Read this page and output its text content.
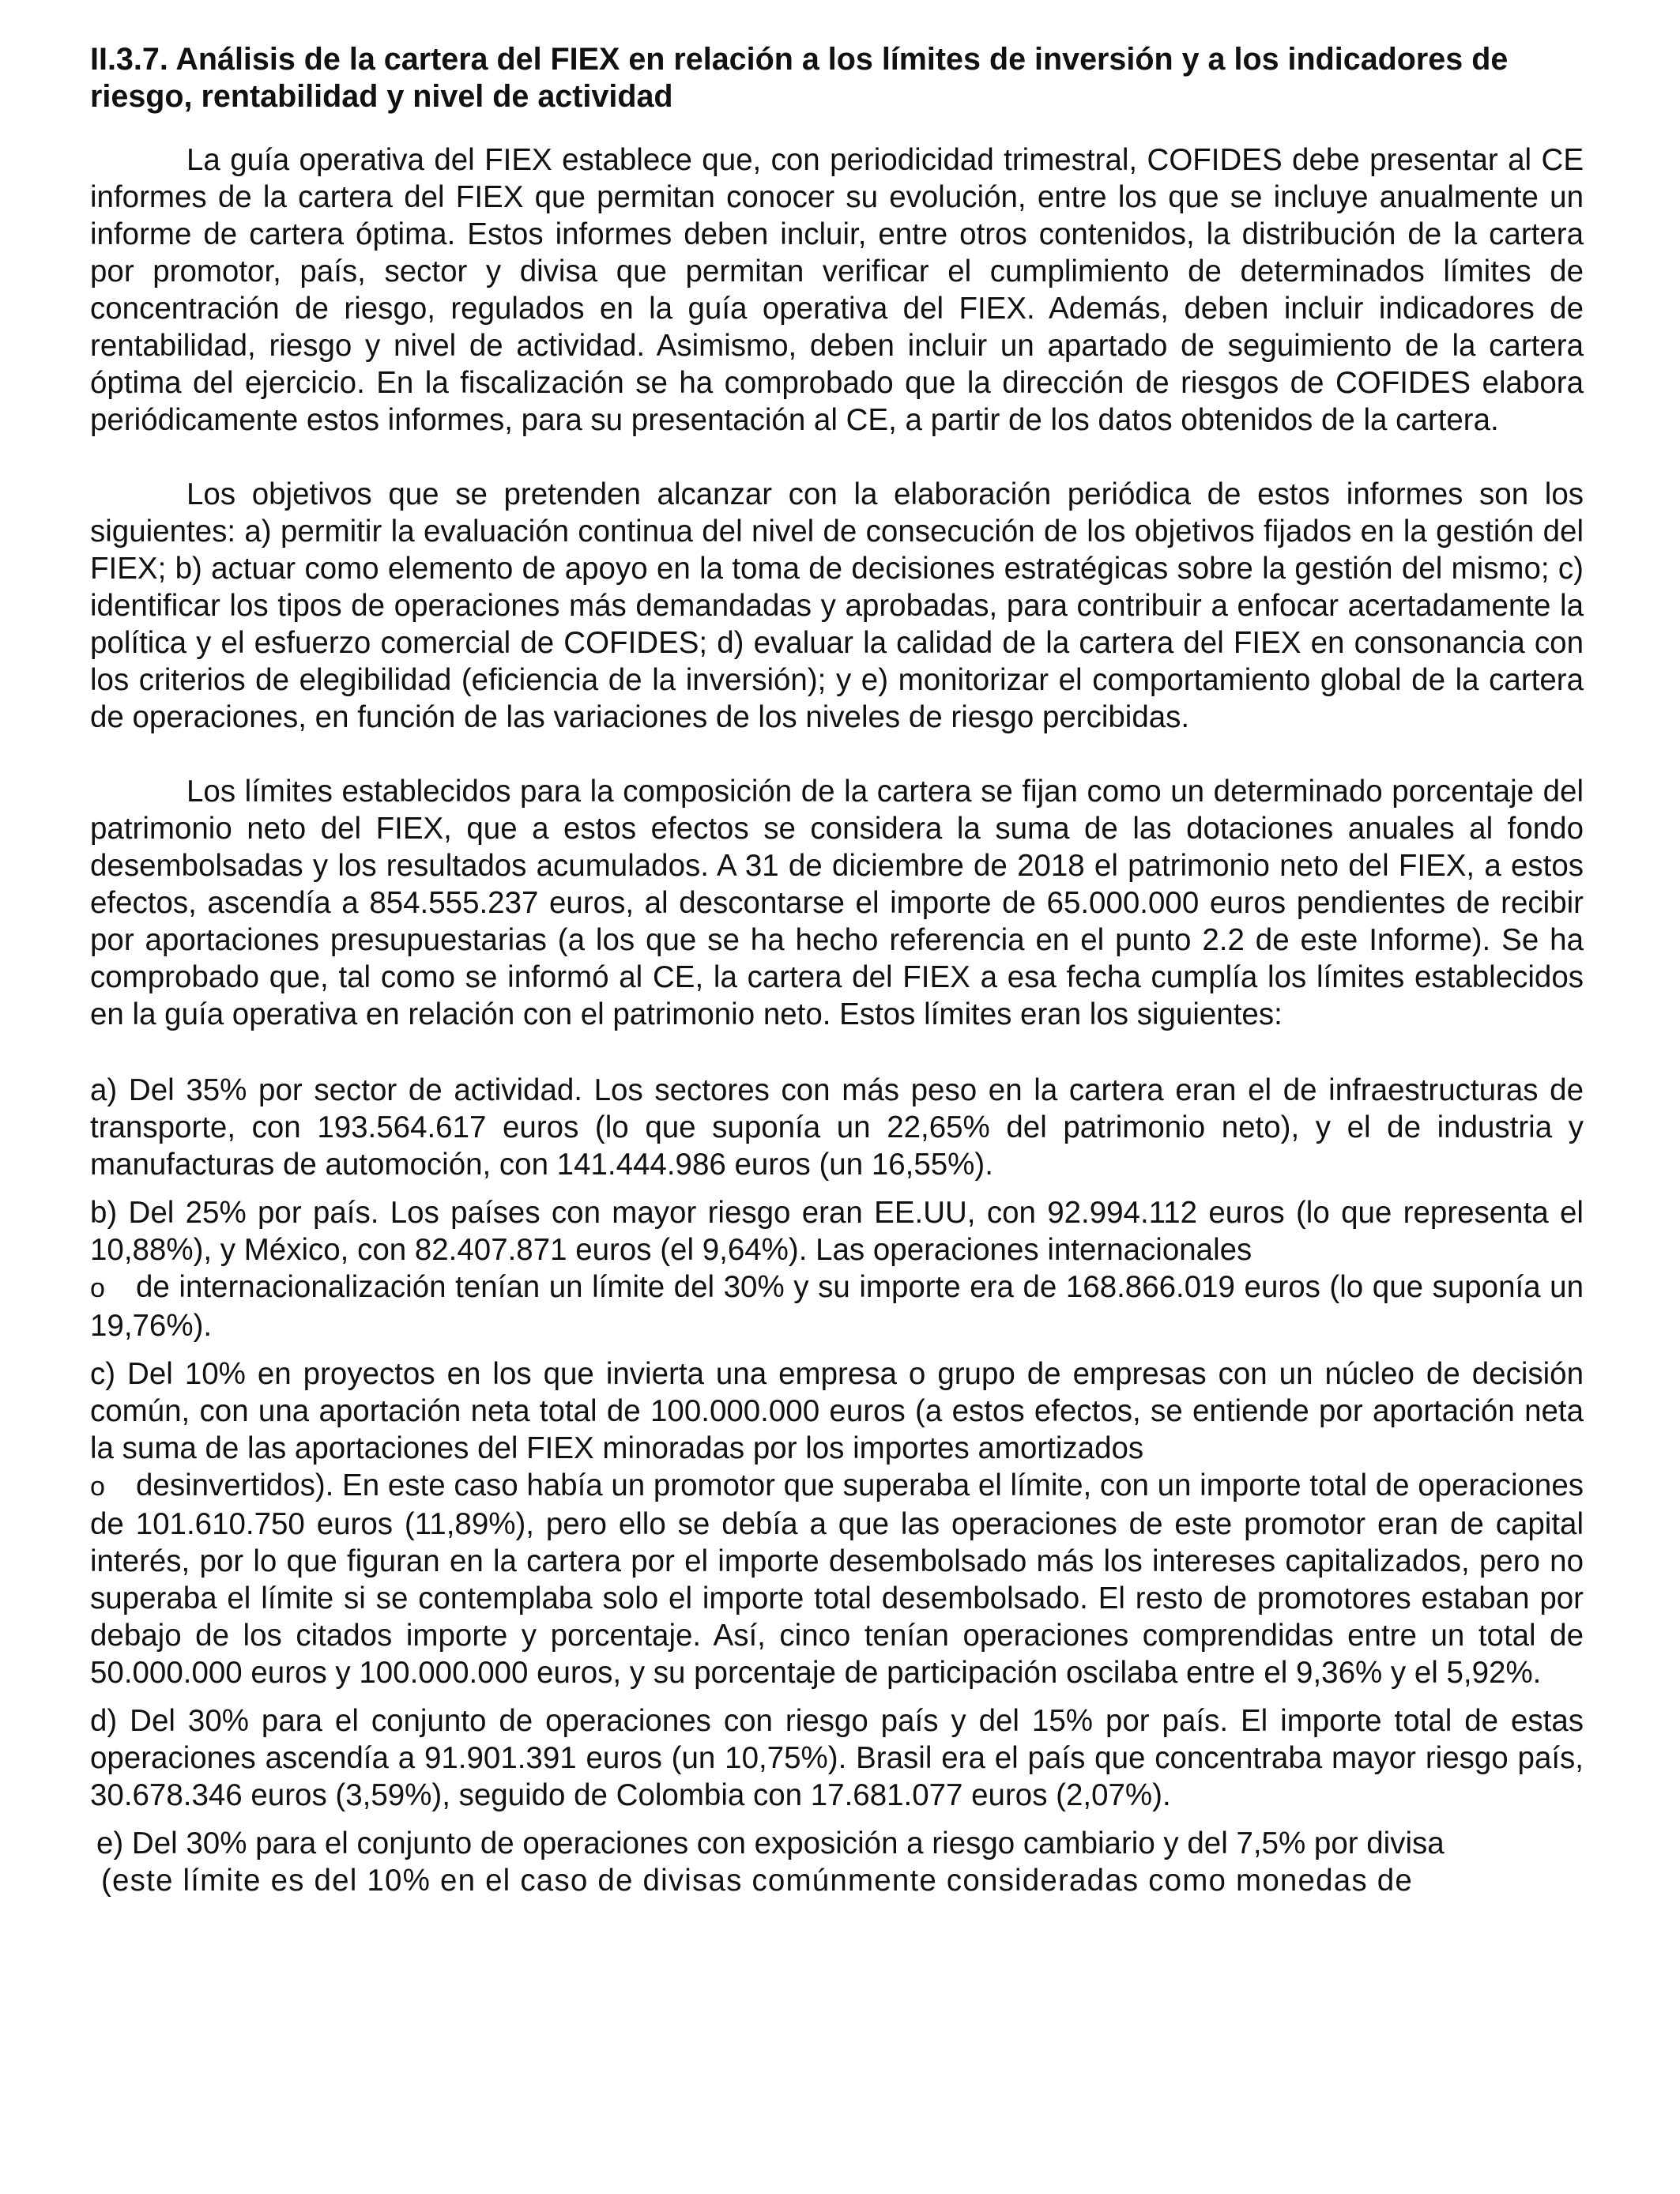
II.3.7. Análisis de la cartera del FIEX en relación a los límites de inversión y a los indicadores de riesgo, rentabilidad y nivel de actividad

La guía operativa del FIEX establece que, con periodicidad trimestral, COFIDES debe presentar al CE informes de la cartera del FIEX que permitan conocer su evolución, entre los que se incluye anualmente un informe de cartera óptima. Estos informes deben incluir, entre otros contenidos, la distribución de la cartera por promotor, país, sector y divisa que permitan verificar el cumplimiento de determinados límites de concentración de riesgo, regulados en la guía operativa del FIEX. Además, deben incluir indicadores de rentabilidad, riesgo y nivel de actividad. Asimismo, deben incluir un apartado de seguimiento de la cartera óptima del ejercicio. En la fiscalización se ha comprobado que la dirección de riesgos de COFIDES elabora periódicamente estos informes, para su presentación al CE, a partir de los datos obtenidos de la cartera.

Los objetivos que se pretenden alcanzar con la elaboración periódica de estos informes son los siguientes: a) permitir la evaluación continua del nivel de consecución de los objetivos fijados en la gestión del FIEX; b) actuar como elemento de apoyo en la toma de decisiones estratégicas sobre la gestión del mismo; c) identificar los tipos de operaciones más demandadas y aprobadas, para contribuir a enfocar acertadamente la política y el esfuerzo comercial de COFIDES; d) evaluar la calidad de la cartera del FIEX en consonancia con los criterios de elegibilidad (eficiencia de la inversión); y e) monitorizar el comportamiento global de la cartera de operaciones, en función de las variaciones de los niveles de riesgo percibidas.

Los límites establecidos para la composición de la cartera se fijan como un determinado porcentaje del patrimonio neto del FIEX, que a estos efectos se considera la suma de las dotaciones anuales al fondo desembolsadas y los resultados acumulados. A 31 de diciembre de 2018 el patrimonio neto del FIEX, a estos efectos, ascendía a 854.555.237 euros, al descontarse el importe de 65.000.000 euros pendientes de recibir por aportaciones presupuestarias (a los que se ha hecho referencia en el punto 2.2 de este Informe). Se ha comprobado que, tal como se informó al CE, la cartera del FIEX a esa fecha cumplía los límites establecidos en la guía operativa en relación con el patrimonio neto. Estos límites eran los siguientes:

a) Del 35% por sector de actividad. Los sectores con más peso en la cartera eran el de infraestructuras de transporte, con 193.564.617 euros (lo que suponía un 22,65% del patrimonio neto), y el de industria y manufacturas de automoción, con 141.444.986 euros (un 16,55%).

b) Del 25% por país. Los países con mayor riesgo eran EE.UU, con 92.994.112 euros (lo que representa el 10,88%), y México, con 82.407.871 euros (el 9,64%). Las operaciones internacionales

o de internacionalización tenían un límite del 30% y su importe era de 168.866.019 euros (lo que suponía un 19,76%).

c) Del 10% en proyectos en los que invierta una empresa o grupo de empresas con un núcleo de decisión común, con una aportación neta total de 100.000.000 euros (a estos efectos, se entiende por aportación neta la suma de las aportaciones del FIEX minoradas por los importes amortizados

o desinvertidos). En este caso había un promotor que superaba el límite, con un importe total de operaciones de 101.610.750 euros (11,89%), pero ello se debía a que las operaciones de este promotor eran de capital interés, por lo que figuran en la cartera por el importe desembolsado más los intereses capitalizados, pero no superaba el límite si se contemplaba solo el importe total desembolsado. El resto de promotores estaban por debajo de los citados importe y porcentaje. Así, cinco tenían operaciones comprendidas entre un total de 50.000.000 euros y 100.000.000 euros, y su porcentaje de participación oscilaba entre el 9,36% y el 5,92%.

d) Del 30% para el conjunto de operaciones con riesgo país y del 15% por país. El importe total de estas operaciones ascendía a 91.901.391 euros (un 10,75%). Brasil era el país que concentraba mayor riesgo país, 30.678.346 euros (3,59%), seguido de Colombia con 17.681.077 euros (2,07%).

e) Del 30% para el conjunto de operaciones con exposición a riesgo cambiario y del 7,5% por divisa
(este límite es del 10% en el caso de divisas comúnmente consideradas como monedas de
